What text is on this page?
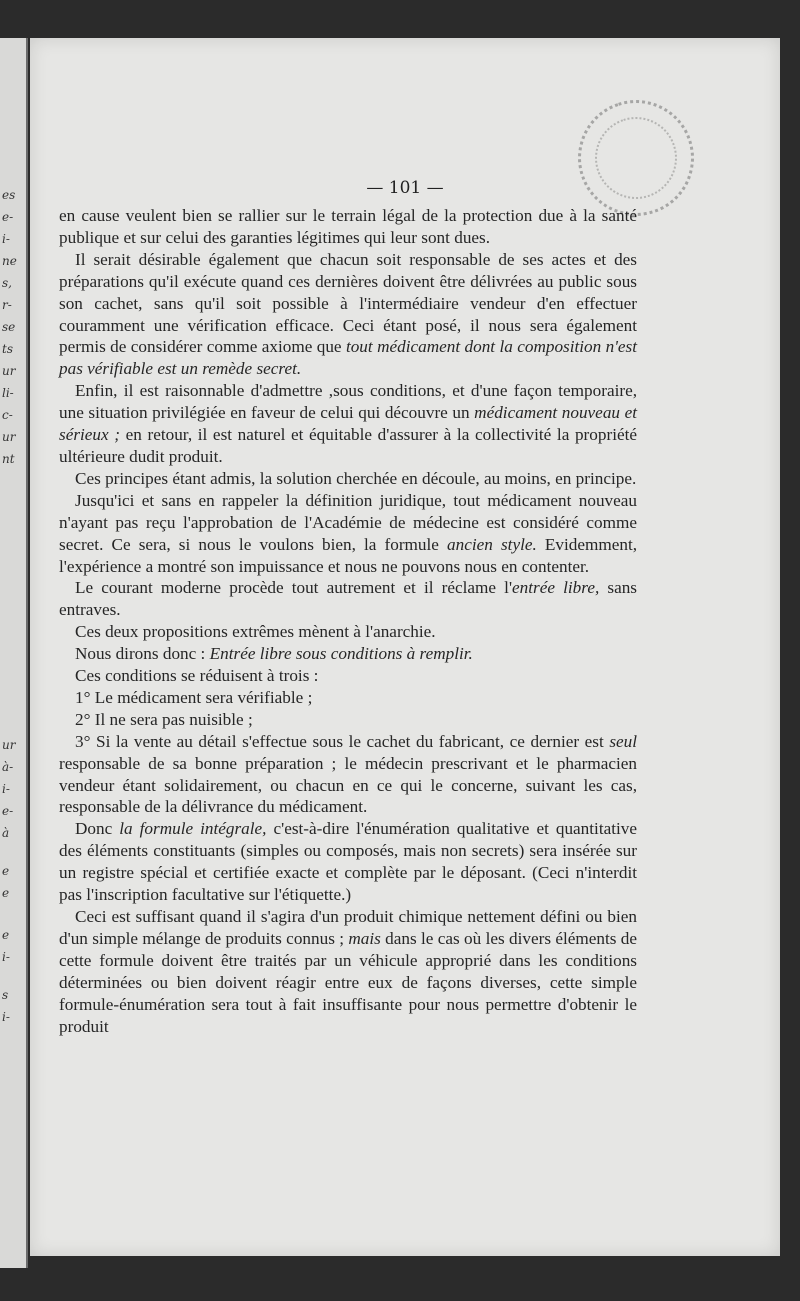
es
e-
i-
ne
s,
r-
se
ts
ur
li-
c-
ur
nt
ur
à-
i-
e-
à
e
e
e
i-
s
i-
— 101 —

en cause veulent bien se rallier sur le terrain légal de la protection due à la santé publique et sur celui des garanties légitimes qui leur sont dues.

Il serait désirable également que chacun soit responsable de ses actes et des préparations qu'il exécute quand ces dernières doivent être délivrées au public sous son cachet, sans qu'il soit possible à l'intermédiaire vendeur d'en effectuer couramment une vérification efficace. Ceci étant posé, il nous sera également permis de considérer comme axiome que tout médicament dont la composition n'est pas vérifiable est un remède secret.

Enfin, il est raisonnable d'admettre ,sous conditions, et d'une façon temporaire, une situation privilégiée en faveur de celui qui découvre un médicament nouveau et sérieux ; en retour, il est naturel et équitable d'assurer à la collectivité la propriété ultérieure dudit produit.

Ces principes étant admis, la solution cherchée en découle, au moins, en principe.

Jusqu'ici et sans en rappeler la définition juridique, tout médicament nouveau n'ayant pas reçu l'approbation de l'Académie de médecine est considéré comme secret. Ce sera, si nous le voulons bien, la formule ancien style. Evidemment, l'expérience a montré son impuissance et nous ne pouvons nous en contenter.

Le courant moderne procède tout autrement et il réclame l'entrée libre, sans entraves.

Ces deux propositions extrêmes mènent à l'anarchie.

Nous dirons donc : Entrée libre sous conditions à remplir.

Ces conditions se réduisent à trois :

1° Le médicament sera vérifiable ;

2° Il ne sera pas nuisible ;

3° Si la vente au détail s'effectue sous le cachet du fabricant, ce dernier est seul responsable de sa bonne préparation ; le médecin prescrivant et le pharmacien vendeur étant solidairement, ou chacun en ce qui le concerne, suivant les cas, responsable de la délivrance du médicament.

Donc la formule intégrale, c'est-à-dire l'énumération qualitative et quantitative des éléments constituants (simples ou composés, mais non secrets) sera insérée sur un registre spécial et certifiée exacte et complète par le déposant. (Ceci n'interdit pas l'inscription facultative sur l'étiquette.)

Ceci est suffisant quand il s'agira d'un produit chimique nettement défini ou bien d'un simple mélange de produits connus ; mais dans le cas où les divers éléments de cette formule doivent être traités par un véhicule approprié dans les conditions déterminées ou bien doivent réagir entre eux de façons diverses, cette simple formule-énumération sera tout à fait insuffisante pour nous permettre d'obtenir le produit
